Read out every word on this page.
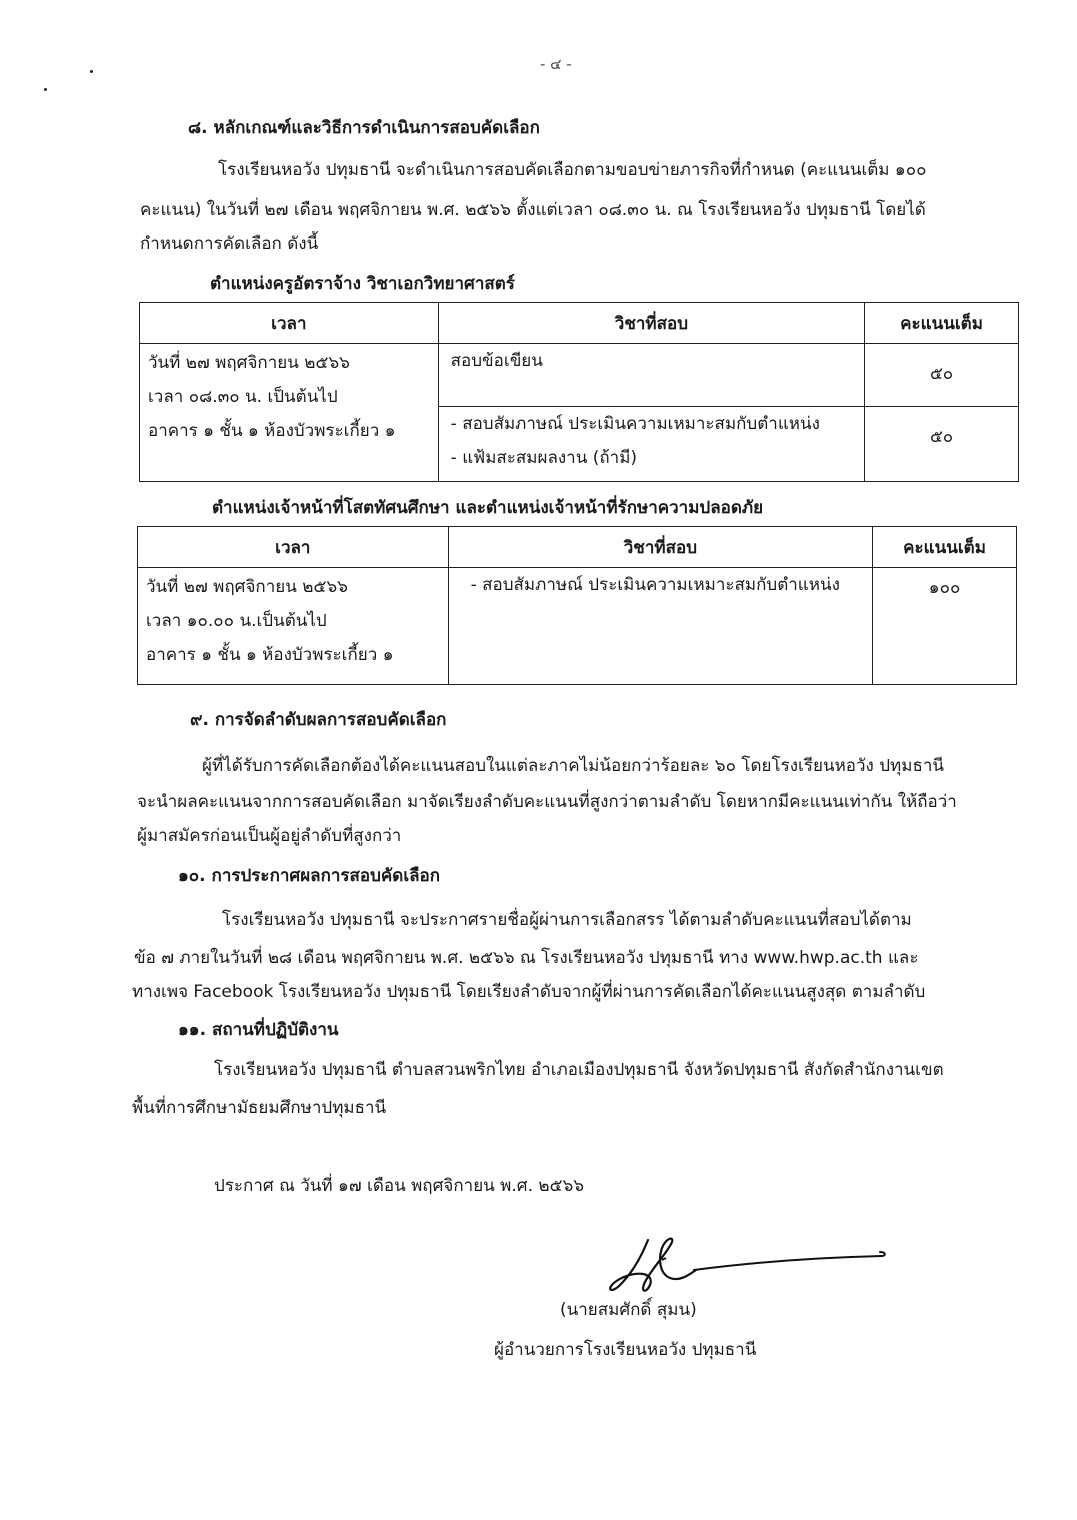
- ๔ -
๘. หลักเกณฑ์และวิธีการดำเนินการสอบคัดเลือก
โรงเรียนหอวัง ปทุมธานี จะดำเนินการสอบคัดเลือกตามขอบข่ายภารกิจที่กำหนด (คะแนนเต็ม ๑๐๐
คะแนน) ในวันที่ ๒๗ เดือน พฤศจิกายน พ.ศ. ๒๕๖๖ ตั้งแต่เวลา ๐๘.๓๐ น. ณ โรงเรียนหอวัง ปทุมธานี โดยได้
กำหนดการคัดเลือก ดังนี้
ตำแหน่งครูอัตราจ้าง วิชาเอกวิทยาศาสตร์
เวลา	วิชาที่สอบ	คะแนนเต็ม

วันที่ ๒๗ พฤศจิกายน ๒๕๖๖
เวลา ๐๘.๓๐ น. เป็นต้นไป
อาคาร ๑ ชั้น ๑ ห้องบัวพระเกี้ยว ๑	สอบข้อเขียน	๕๐

	- สอบสัมภาษณ์ ประเมินความเหมาะสมกับตำแหน่ง
- แฟ้มสะสมผลงาน (ถ้ามี)	๕๐
ตำแหน่งเจ้าหน้าที่โสตทัศนศึกษา และตำแหน่งเจ้าหน้าที่รักษาความปลอดภัย
เวลา	วิชาที่สอบ	คะแนนเต็ม

วันที่ ๒๗ พฤศจิกายน ๒๕๖๖
เวลา ๑๐.๐๐ น.เป็นต้นไป
อาคาร ๑ ชั้น ๑ ห้องบัวพระเกี้ยว ๑	- สอบสัมภาษณ์ ประเมินความเหมาะสมกับตำแหน่ง	๑๐๐
๙. การจัดลำดับผลการสอบคัดเลือก
ผู้ที่ได้รับการคัดเลือกต้องได้คะแนนสอบในแต่ละภาคไม่น้อยกว่าร้อยละ ๖๐ โดยโรงเรียนหอวัง ปทุมธานี
จะนำผลคะแนนจากการสอบคัดเลือก มาจัดเรียงลำดับคะแนนที่สูงกว่าตามลำดับ โดยหากมีคะแนนเท่ากัน ให้ถือว่า
ผู้มาสมัครก่อนเป็นผู้อยู่ลำดับที่สูงกว่า
๑๐. การประกาศผลการสอบคัดเลือก
โรงเรียนหอวัง ปทุมธานี จะประกาศรายชื่อผู้ผ่านการเลือกสรร ได้ตามลำดับคะแนนที่สอบได้ตาม
ข้อ ๗ ภายในวันที่ ๒๘ เดือน พฤศจิกายน พ.ศ. ๒๕๖๖ ณ โรงเรียนหอวัง ปทุมธานี ทาง www.hwp.ac.th และ
ทางเพจ Facebook โรงเรียนหอวัง ปทุมธานี โดยเรียงลำดับจากผู้ที่ผ่านการคัดเลือกได้คะแนนสูงสุด ตามลำดับ
๑๑. สถานที่ปฏิบัติงาน
โรงเรียนหอวัง ปทุมธานี ตำบลสวนพริกไทย อำเภอเมืองปทุมธานี จังหวัดปทุมธานี สังกัดสำนักงานเขต
พื้นที่การศึกษามัธยมศึกษาปทุมธานี
ประกาศ ณ วันที่ ๑๗ เดือน พฤศจิกายน พ.ศ. ๒๕๖๖
(นายสมศักดิ์ สุมน)
ผู้อำนวยการโรงเรียนหอวัง ปทุมธานี
